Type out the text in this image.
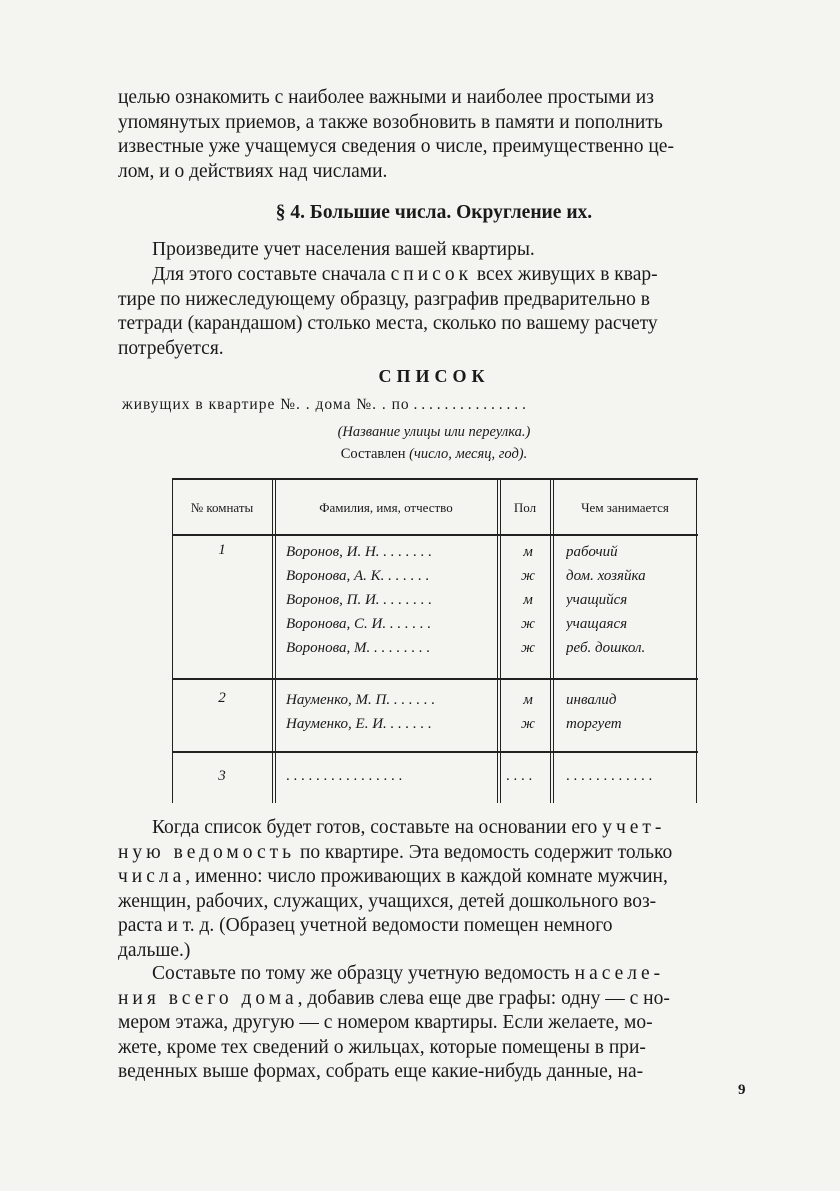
целью ознакомить с наиболее важными и наиболее простыми из
упомянутых приемов, а также возобновить в памяти и пополнить
известные уже учащемуся сведения о числе, преимущественно це-
лом, и о действиях над числами.

§ 4. Большие числа. Округление их.

Произведите учет населения вашей квартиры.

Для этого составьте сначала список всех живущих в квар-
тире по нижеследующему образцу, разграфив предварительно в
тетради (карандашом) столько места, сколько по вашему расчету
потребуется.

СПИСОК
живущих в квартире №. . дома №. . по . . . . . . . . . . . . . . .
(Название улицы или переулка.)
Составлен (число, месяц, год).
№ комнаты	Фамилия, имя, отчество	Пол	Чем занимается
1	Воронов, И. Н. . . . . . . .	м	рабочий
Воронова, А. К. . . . . . .	ж	дом. хозяйка
Воронов, П. И. . . . . . . .	м	учащийся
Воронова, С. И. . . . . . .	ж	учащаяся
Воронова, М. . . . . . . . .	ж	реб. дошкол.
2	Науменко, М. П. . . . . . .	м	инвалид
Науменко, Е. И. . . . . . .	ж	торгует
3	. . . . . . . . . . . . . . . .	. . . .	. . . . . . . . . . . .

Когда список будет готов, составьте на основании его учет-
ную ведомость по квартире. Эта ведомость содержит только
числа, именно: число проживающих в каждой комнате мужчин,
женщин, рабочих, служащих, учащихся, детей дошкольного воз-
раста и т. д. (Образец учетной ведомости помещен немного
дальше.)

Составьте по тому же образцу учетную ведомость населе-
ния всего дома, добавив слева еще две графы: одну — с но-
мером этажа, другую — с номером квартиры. Если желаете, мо-
жете, кроме тех сведений о жильцах, которые помещены в при-
веденных выше формах, собрать еще какие-нибудь данные, на-

9
